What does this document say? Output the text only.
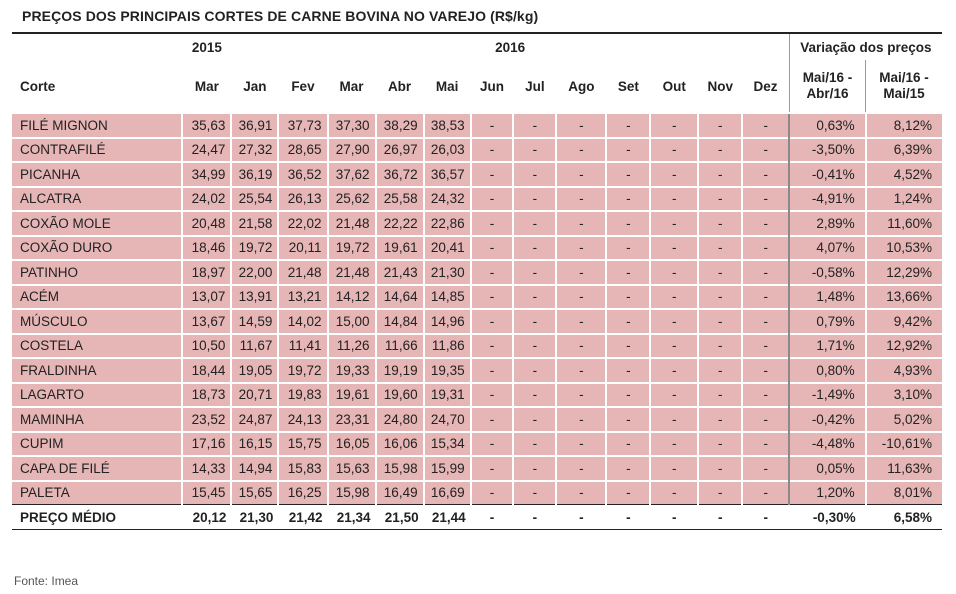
PREÇOS DOS PRINCIPAIS CORTES DE CARNE BOVINA NO VAREJO (R$/kg)
Corte	2015	2016												Variação dos preços	
	Mar	Jan	Fev	Mar	Abr	Mai	Jun	Jul	Ago	Set	Out	Nov	Dez	Mai/16 - Abr/16	Mai/16 - Mai/15
FILÉ MIGNON	35,63	36,91	37,73	37,30	38,29	38,53	-	-	-	-	-	-	-	0,63%	8,12%
CONTRAFILÉ	24,47	27,32	28,65	27,90	26,97	26,03	-	-	-	-	-	-	-	-3,50%	6,39%
PICANHA	34,99	36,19	36,52	37,62	36,72	36,57	-	-	-	-	-	-	-	-0,41%	4,52%
ALCATRA	24,02	25,54	26,13	25,62	25,58	24,32	-	-	-	-	-	-	-	-4,91%	1,24%
COXÃO MOLE	20,48	21,58	22,02	21,48	22,22	22,86	-	-	-	-	-	-	-	2,89%	11,60%
COXÃO DURO	18,46	19,72	20,11	19,72	19,61	20,41	-	-	-	-	-	-	-	4,07%	10,53%
PATINHO	18,97	22,00	21,48	21,48	21,43	21,30	-	-	-	-	-	-	-	-0,58%	12,29%
ACÉM	13,07	13,91	13,21	14,12	14,64	14,85	-	-	-	-	-	-	-	1,48%	13,66%
MÚSCULO	13,67	14,59	14,02	15,00	14,84	14,96	-	-	-	-	-	-	-	0,79%	9,42%
COSTELA	10,50	11,67	11,41	11,26	11,66	11,86	-	-	-	-	-	-	-	1,71%	12,92%
FRALDINHA	18,44	19,05	19,72	19,33	19,19	19,35	-	-	-	-	-	-	-	0,80%	4,93%
LAGARTO	18,73	20,71	19,83	19,61	19,60	19,31	-	-	-	-	-	-	-	-1,49%	3,10%
MAMINHA	23,52	24,87	24,13	23,31	24,80	24,70	-	-	-	-	-	-	-	-0,42%	5,02%
CUPIM	17,16	16,15	15,75	16,05	16,06	15,34	-	-	-	-	-	-	-	-4,48%	-10,61%
CAPA DE FILÉ	14,33	14,94	15,83	15,63	15,98	15,99	-	-	-	-	-	-	-	0,05%	11,63%
PALETA	15,45	15,65	16,25	15,98	16,49	16,69	-	-	-	-	-	-	-	1,20%	8,01%
PREÇO MÉDIO	20,12	21,30	21,42	21,34	21,50	21,44	-	-	-	-	-	-	-	-0,30%	6,58%
Fonte: Imea
